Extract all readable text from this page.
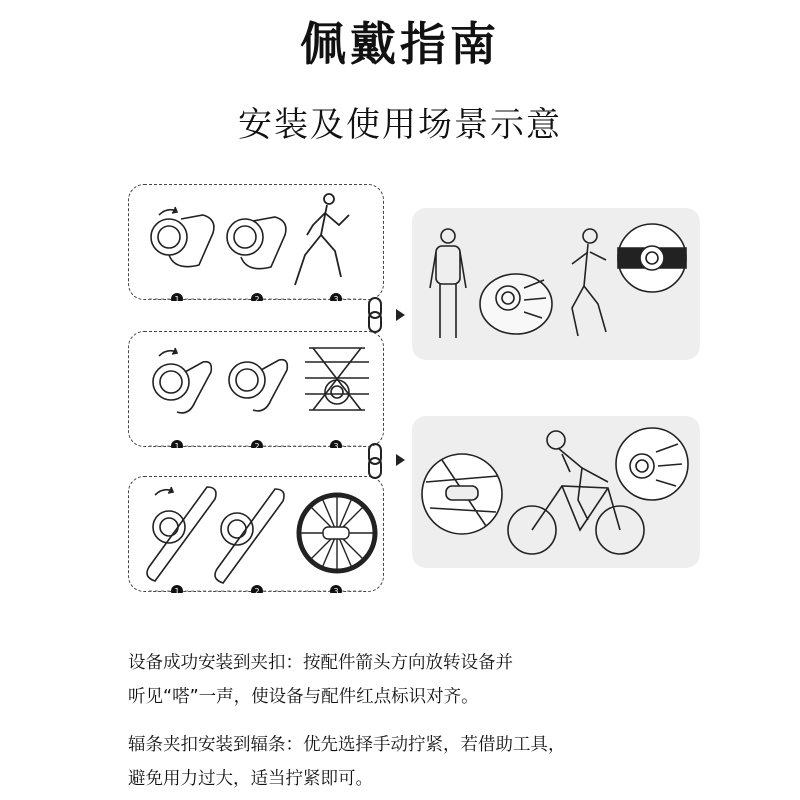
佩戴指南
安装及使用场景示意
1	2	3
1	2	3
1	2	3
设备成功安装到夹扣：按配件箭头方向放转设备并
听见“嗒”一声，使设备与配件红点标识对齐。
辐条夹扣安装到辐条：优先选择手动拧紧，若借助工具，
避免用力过大，适当拧紧即可。
